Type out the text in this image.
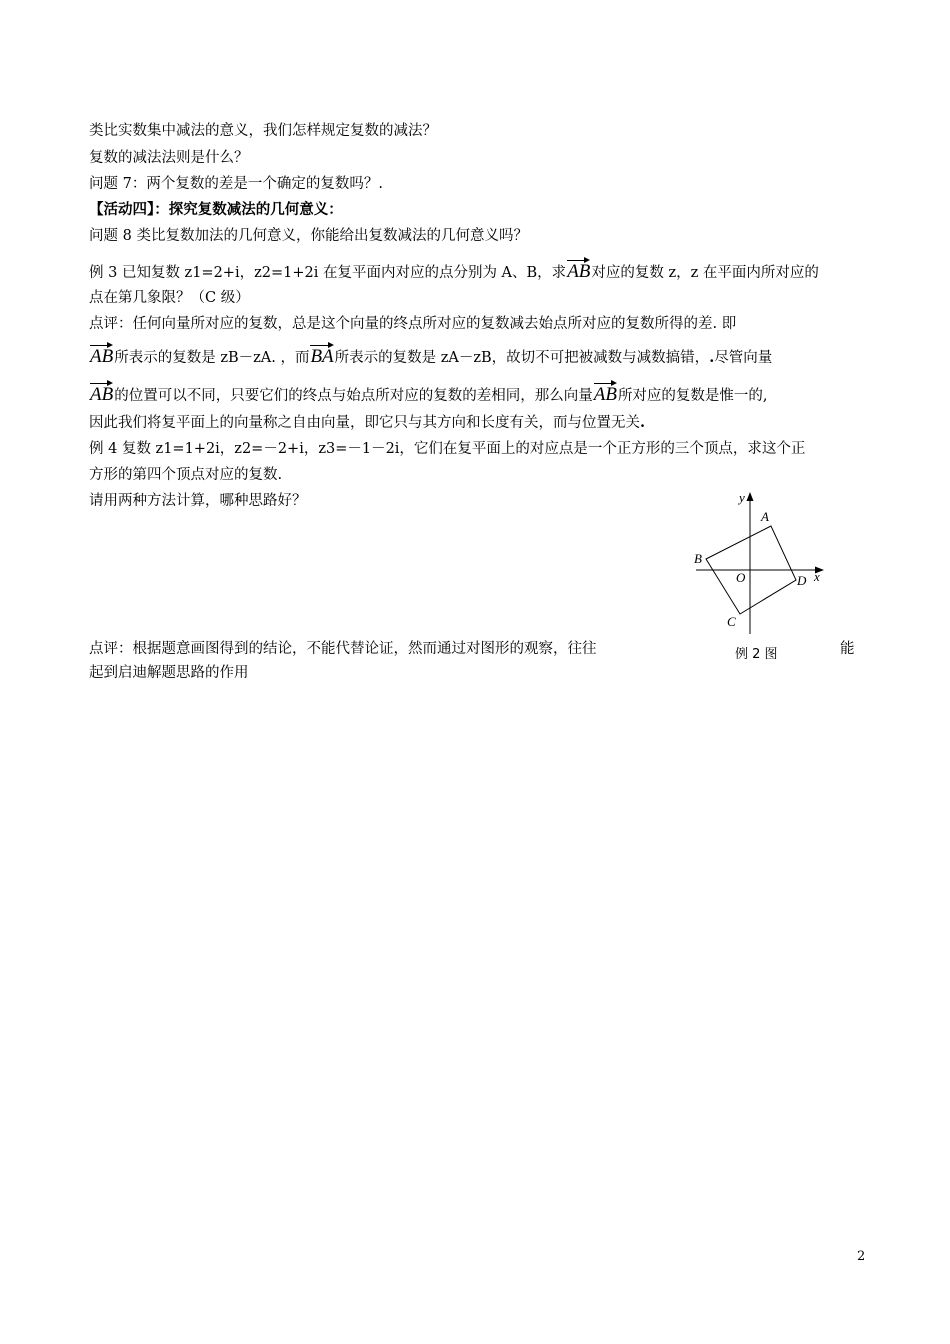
类比实数集中减法的意义，我们怎样规定复数的减法？
复数的减法法则是什么？
问题 7：两个复数的差是一个确定的复数吗？.
【活动四】：探究复数减法的几何意义：
问题 8 类比复数加法的几何意义，你能给出复数减法的几何意义吗？
例 3 已知复数 z1=2+i，z2=1+2i 在复平面内对应的点分别为 A、B，求AB对应的复数 z，z 在平面内所对应的
点在第几象限？（C 级）
点评：任何向量所对应的复数，总是这个向量的终点所对应的复数减去始点所对应的复数所得的差. 即
AB所表示的复数是 zB－zA. ，而BA所表示的复数是 zA－zB，故切不可把被减数与减数搞错，.尽管向量
AB的位置可以不同，只要它们的终点与始点所对应的复数的差相同，那么向量AB所对应的复数是惟一的,
因此我们将复平面上的向量称之自由向量，即它只与其方向和长度有关，而与位置无关.
例 4 复数 z1=1+2i，z2=－2+i，z3=－1－2i，它们在复平面上的对应点是一个正方形的三个顶点，求这个正
方形的第四个顶点对应的复数.
请用两种方法计算，哪种思路好？
点评：根据题意画图得到的结论，不能代替论证，然而通过对图形的观察，往往	能
起到启迪解题思路的作用
y
x
A
B
C
D
O
例 2 图
2
